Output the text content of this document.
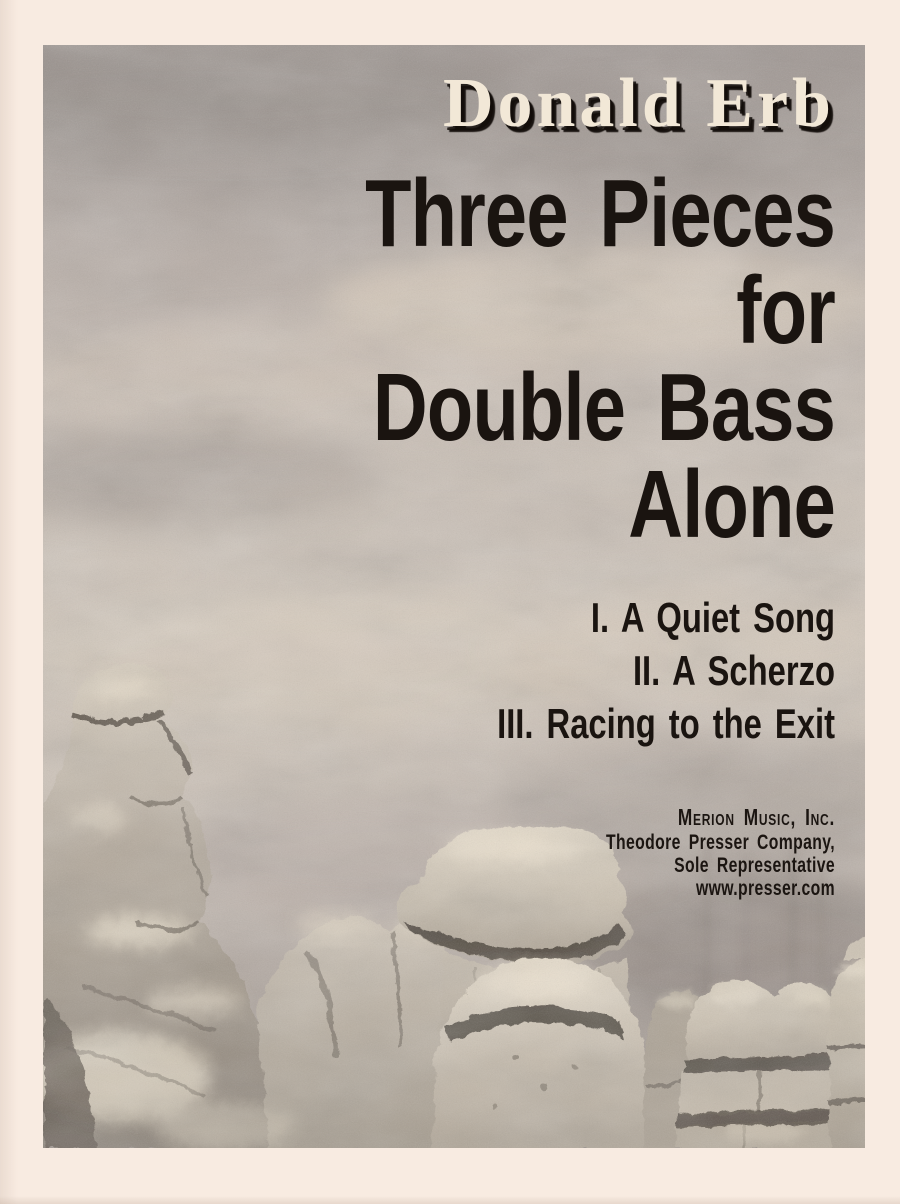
Donald Erb
Three Pieces
for
Double Bass
Alone
I. A Quiet Song
II. A Scherzo
III. Racing to the Exit
Merion Music, Inc.
Theodore Presser Company,
Sole Representative
www.presser.com
